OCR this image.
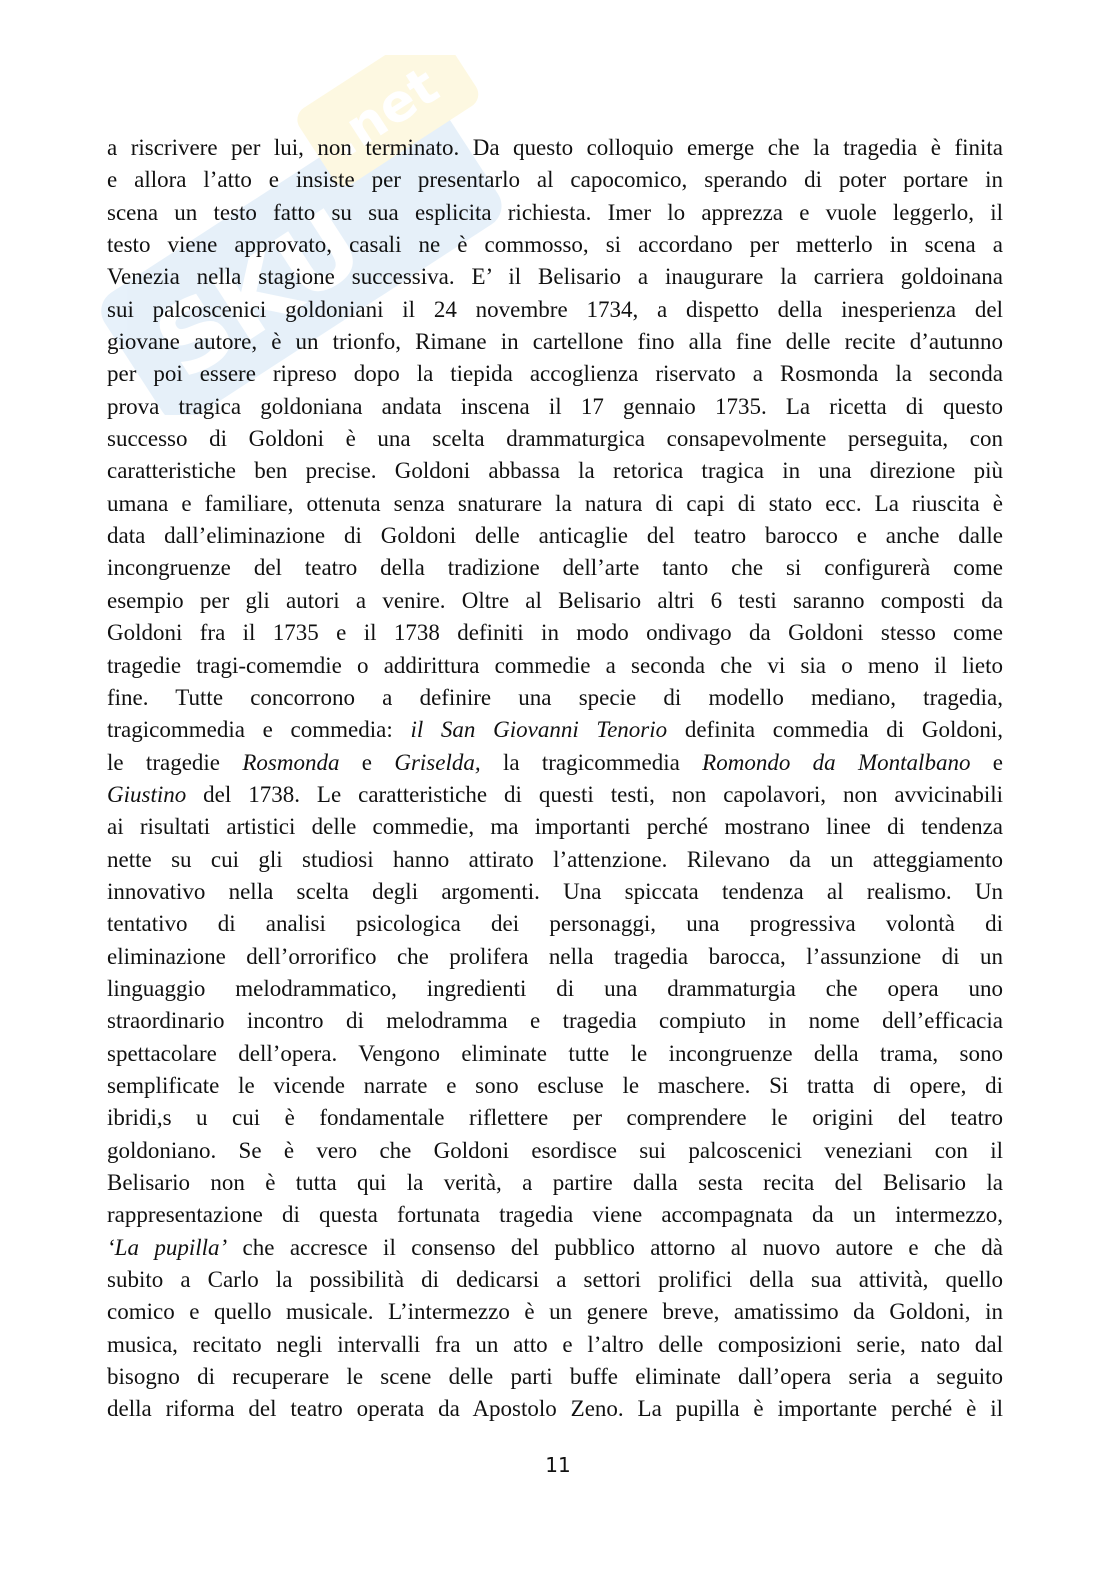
SKU
.net
a riscrivere per lui, non terminato. Da questo colloquio emerge che la tragedia è finita
e allora l’atto e insiste per presentarlo al capocomico, sperando di poter portare in
scena un testo fatto su sua esplicita richiesta. Imer lo apprezza e vuole leggerlo, il
testo viene approvato, casali ne è commosso, si accordano per metterlo in scena a
Venezia nella stagione successiva. E’ il Belisario a inaugurare la carriera goldoinana
sui palcoscenici goldoniani il 24 novembre 1734, a dispetto della inesperienza del
giovane autore, è un trionfo, Rimane in cartellone fino alla fine delle recite d’autunno
per poi essere ripreso dopo la tiepida accoglienza riservato a Rosmonda la seconda
prova tragica goldoniana andata inscena il 17 gennaio 1735. La ricetta di questo
successo di Goldoni è una scelta drammaturgica consapevolmente perseguita, con
caratteristiche ben precise. Goldoni abbassa la retorica tragica in una direzione più
umana e familiare, ottenuta senza snaturare la natura di capi di stato ecc. La riuscita è
data dall’eliminazione di Goldoni delle anticaglie del teatro barocco e anche dalle
incongruenze del teatro della tradizione dell’arte tanto che si configurerà come
esempio per gli autori a venire. Oltre al Belisario altri 6 testi saranno composti da
Goldoni fra il 1735 e il 1738 definiti in modo ondivago da Goldoni stesso come
tragedie tragi-comemdie o addirittura commedie a seconda che vi sia o meno il lieto
fine. Tutte concorrono a definire una specie di modello mediano, tragedia,
tragicommedia e commedia: il San Giovanni Tenorio definita commedia di Goldoni,
le tragedie Rosmonda e Griselda, la tragicommedia Romondo da Montalbano e
Giustino del 1738. Le caratteristiche di questi testi, non capolavori, non avvicinabili
ai risultati artistici delle commedie, ma importanti perché mostrano linee di tendenza
nette su cui gli studiosi hanno attirato l’attenzione. Rilevano da un atteggiamento
innovativo nella scelta degli argomenti. Una spiccata tendenza al realismo. Un
tentativo di analisi psicologica dei personaggi, una progressiva volontà di
eliminazione dell’orrorifico che prolifera nella tragedia barocca, l’assunzione di un
linguaggio melodrammatico, ingredienti di una drammaturgia che opera uno
straordinario incontro di melodramma e tragedia compiuto in nome dell’efficacia
spettacolare dell’opera. Vengono eliminate tutte le incongruenze della trama, sono
semplificate le vicende narrate e sono escluse le maschere. Si tratta di opere, di
ibridi,s u cui è fondamentale riflettere per comprendere le origini del teatro
goldoniano. Se è vero che Goldoni esordisce sui palcoscenici veneziani con il
Belisario non è tutta qui la verità, a partire dalla sesta recita del Belisario la
rappresentazione di questa fortunata tragedia viene accompagnata da un intermezzo,
‘La pupilla’ che accresce il consenso del pubblico attorno al nuovo autore e che dà
subito a Carlo la possibilità di dedicarsi a settori prolifici della sua attività, quello
comico e quello musicale. L’intermezzo è un genere breve, amatissimo da Goldoni, in
musica, recitato negli intervalli fra un atto e l’altro delle composizioni serie, nato dal
bisogno di recuperare le scene delle parti buffe eliminate dall’opera seria a seguito
della riforma del teatro operata da Apostolo Zeno. La pupilla è importante perché è il
11
